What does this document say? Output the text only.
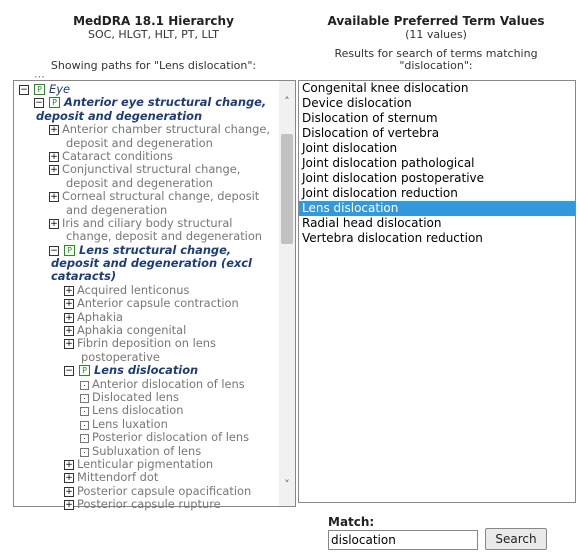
MedDRA 18.1 Hierarchy
SOC, HLGT, HLT, PT, LLT
Showing paths for "Lens dislocation":
Available Preferred Term Values
(11 values)
Results for search of terms matching
"dislocation":
···
−	P Eye
−	P Anterior eye structural change,
deposit and degeneration
+ Anterior chamber structural change,
deposit and degeneration
+ Cataract conditions
+ Conjunctival structural change,
deposit and degeneration
+ Corneal structural change, deposit
and degeneration
+ Iris and ciliary body structural
change, deposit and degeneration
−	P Lens structural change,
deposit and degeneration (excl
cataracts)
+ Acquired lenticonus
+ Anterior capsule contraction
+ Aphakia
+ Aphakia congenital
+ Fibrin deposition on lens
postoperative
−	P Lens dislocation
Anterior dislocation of lens
Dislocated lens
Lens dislocation
Lens luxation
Posterior dislocation of lens
Subluxation of lens
+ Lenticular pigmentation
+ Mittendorf dot
+ Posterior capsule opacification
+ Posterior capsule rupture
˄
˅
Congenital knee dislocation
Device dislocation
Dislocation of sternum
Dislocation of vertebra
Joint dislocation
Joint dislocation pathological
Joint dislocation postoperative
Joint dislocation reduction
Lens dislocation
Radial head dislocation
Vertebra dislocation reduction
Match:
dislocation
Search
